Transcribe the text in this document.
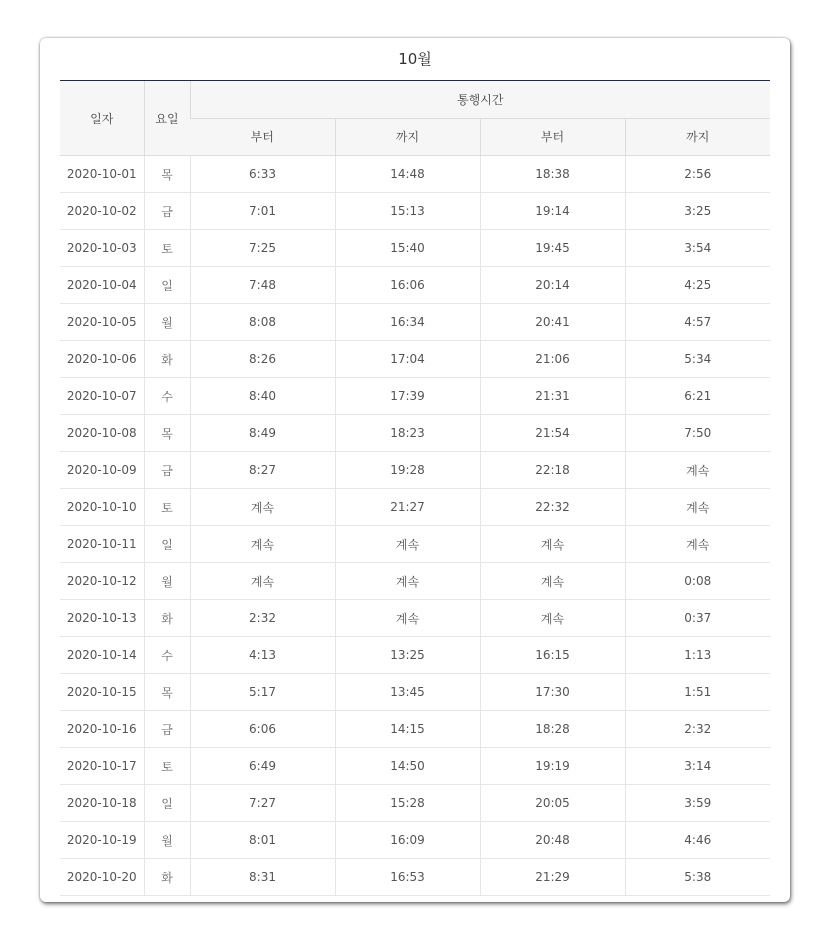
10월
일자	요일	통행시간			
		부터	까지	부터	까지
2020-10-01	목	6:33	14:48	18:38	2:56
2020-10-02	금	7:01	15:13	19:14	3:25
2020-10-03	토	7:25	15:40	19:45	3:54
2020-10-04	일	7:48	16:06	20:14	4:25
2020-10-05	월	8:08	16:34	20:41	4:57
2020-10-06	화	8:26	17:04	21:06	5:34
2020-10-07	수	8:40	17:39	21:31	6:21
2020-10-08	목	8:49	18:23	21:54	7:50
2020-10-09	금	8:27	19:28	22:18	계속
2020-10-10	토	계속	21:27	22:32	계속
2020-10-11	일	계속	계속	계속	계속
2020-10-12	월	계속	계속	계속	0:08
2020-10-13	화	2:32	계속	계속	0:37
2020-10-14	수	4:13	13:25	16:15	1:13
2020-10-15	목	5:17	13:45	17:30	1:51
2020-10-16	금	6:06	14:15	18:28	2:32
2020-10-17	토	6:49	14:50	19:19	3:14
2020-10-18	일	7:27	15:28	20:05	3:59
2020-10-19	월	8:01	16:09	20:48	4:46
2020-10-20	화	8:31	16:53	21:29	5:38
